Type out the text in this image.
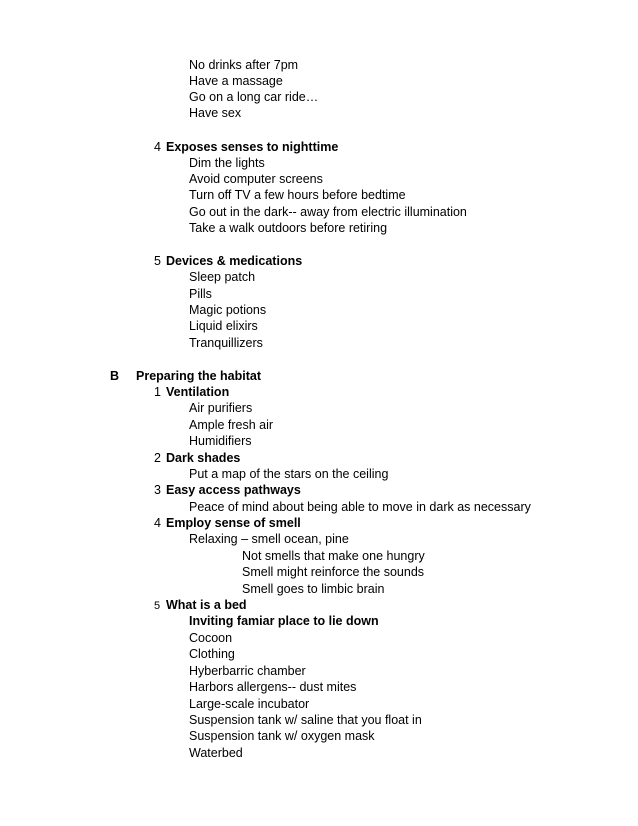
No drinks after 7pm
Have a massage
Go on a long car ride…
Have sex
4 Exposes senses to nighttime
Dim the lights
Avoid computer screens
Turn off TV a few hours before bedtime
Go out in the dark-- away from electric illumination
Take a walk outdoors before retiring
5 Devices & medications
Sleep patch
Pills
Magic potions
Liquid elixirs
Tranquillizers
B Preparing the habitat
1 Ventilation
Air purifiers
Ample fresh air
Humidifiers
2 Dark shades
Put a map of the stars on the ceiling
3 Easy access pathways
Peace of mind about being able to move in dark as necessary
4 Employ sense of smell
Relaxing – smell ocean, pine
Not smells that make one hungry
Smell might reinforce the sounds
Smell goes to limbic brain
5 What is a bed
Inviting famiar place to lie down
Cocoon
Clothing
Hyberbarric chamber
Harbors allergens-- dust mites
Large-scale incubator
Suspension tank w/ saline that you float in
Suspension tank w/ oxygen mask
Waterbed
